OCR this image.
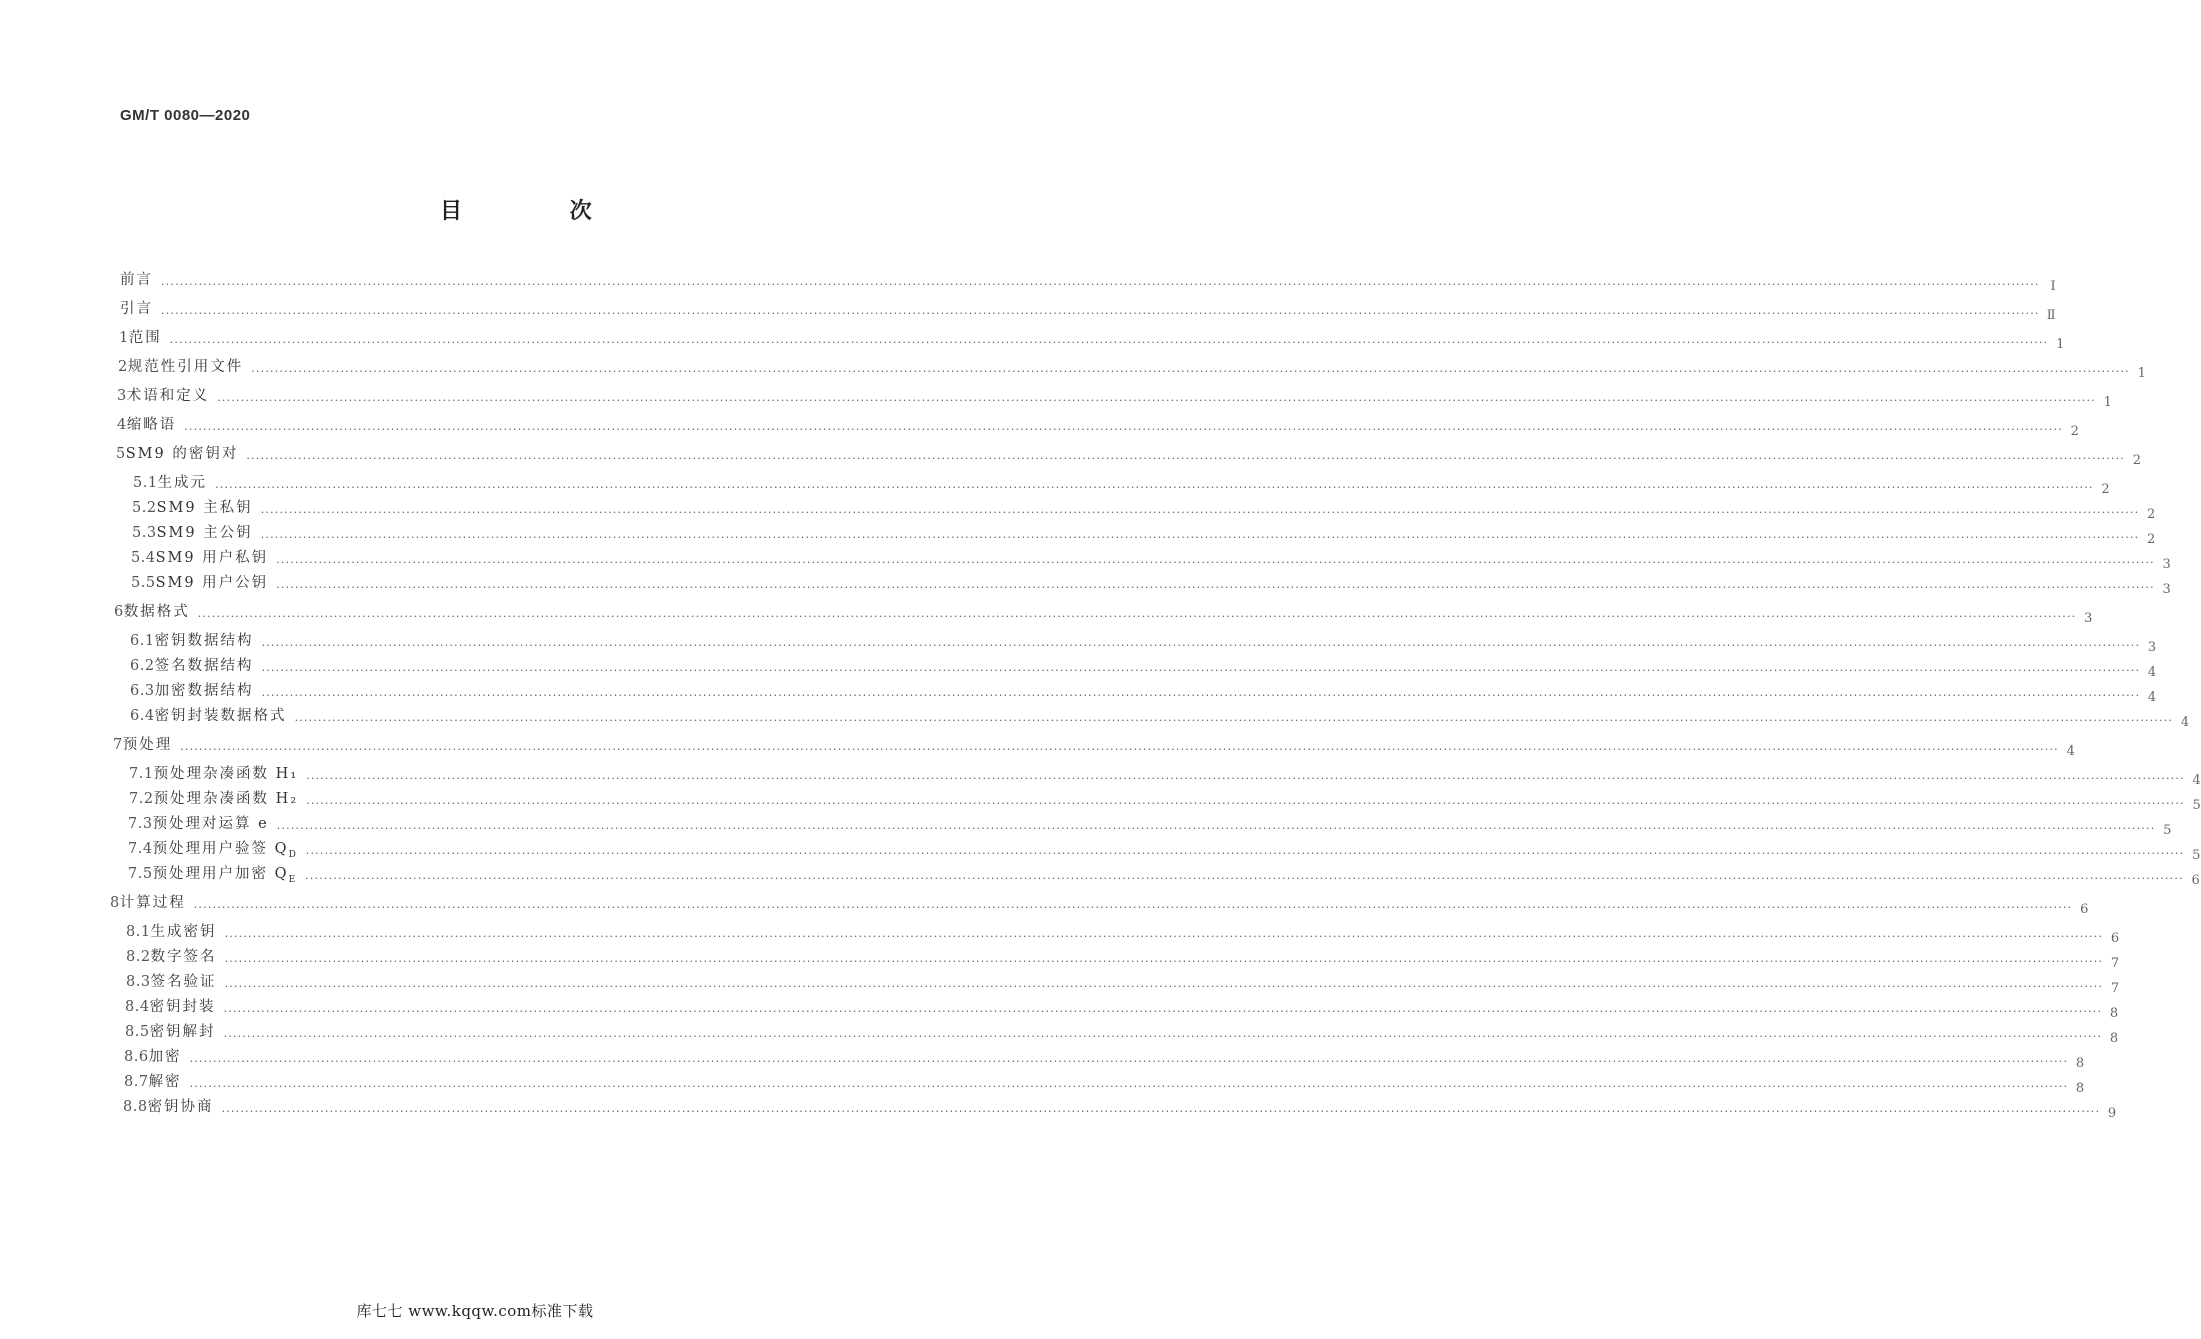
GM/T 0080—2020
目 次
前言 ················································································································································································································································································································································································································ Ⅰ
引言 ················································································································································································································································································································································································································ Ⅱ
1 范围 ················································································································································································································································································································································································································ 1
2 规范性引用文件 ················································································································································································································································································································································································································ 1
3 术语和定义 ················································································································································································································································································································································································································ 1
4 缩略语 ················································································································································································································································································································································································································ 2
5 SM9 的密钥对 ················································································································································································································································································································································································································ 2
5.1 生成元 ················································································································································································································································································································································································································ 2
5.2 SM9 主私钥 ················································································································································································································································································································································································································ 2
5.3 SM9 主公钥 ················································································································································································································································································································································································································ 2
5.4 SM9 用户私钥 ················································································································································································································································································································································································································ 3
5.5 SM9 用户公钥 ················································································································································································································································································································································································································ 3
6 数据格式 ················································································································································································································································································································································································································ 3
6.1 密钥数据结构 ················································································································································································································································································································································································································ 3
6.2 签名数据结构 ················································································································································································································································································································································································································ 4
6.3 加密数据结构 ················································································································································································································································································································································································································ 4
6.4 密钥封装数据格式 ················································································································································································································································································································································································································ 4
7 预处理 ················································································································································································································································································································································································································ 4
7.1 预处理杂凑函数 H₁ ················································································································································································································································································································································································································ 4
7.2 预处理杂凑函数 H₂ ················································································································································································································································································································································································································ 5
7.3 预处理对运算 e ················································································································································································································································································································································································································ 5
7.4 预处理用户验签 $Q_D$ ················································································································································································································································································································································································································ 5
7.5 预处理用户加密 $Q_E$ ················································································································································································································································································································································································································ 6
8 计算过程 ················································································································································································································································································································································································································ 6
8.1 生成密钥 ················································································································································································································································································································································································································ 6
8.2 数字签名 ················································································································································································································································································································································································································ 7
8.3 签名验证 ················································································································································································································································································································································································································ 7
8.4 密钥封装 ················································································································································································································································································································································································································ 8
8.5 密钥解封 ················································································································································································································································································································································································································ 8
8.6 加密 ················································································································································································································································································································································································································ 8
8.7 解密 ················································································································································································································································································································································································································ 8
8.8 密钥协商 ················································································································································································································································································································································································································ 9
库七七 www.kqqw.com标准下载
